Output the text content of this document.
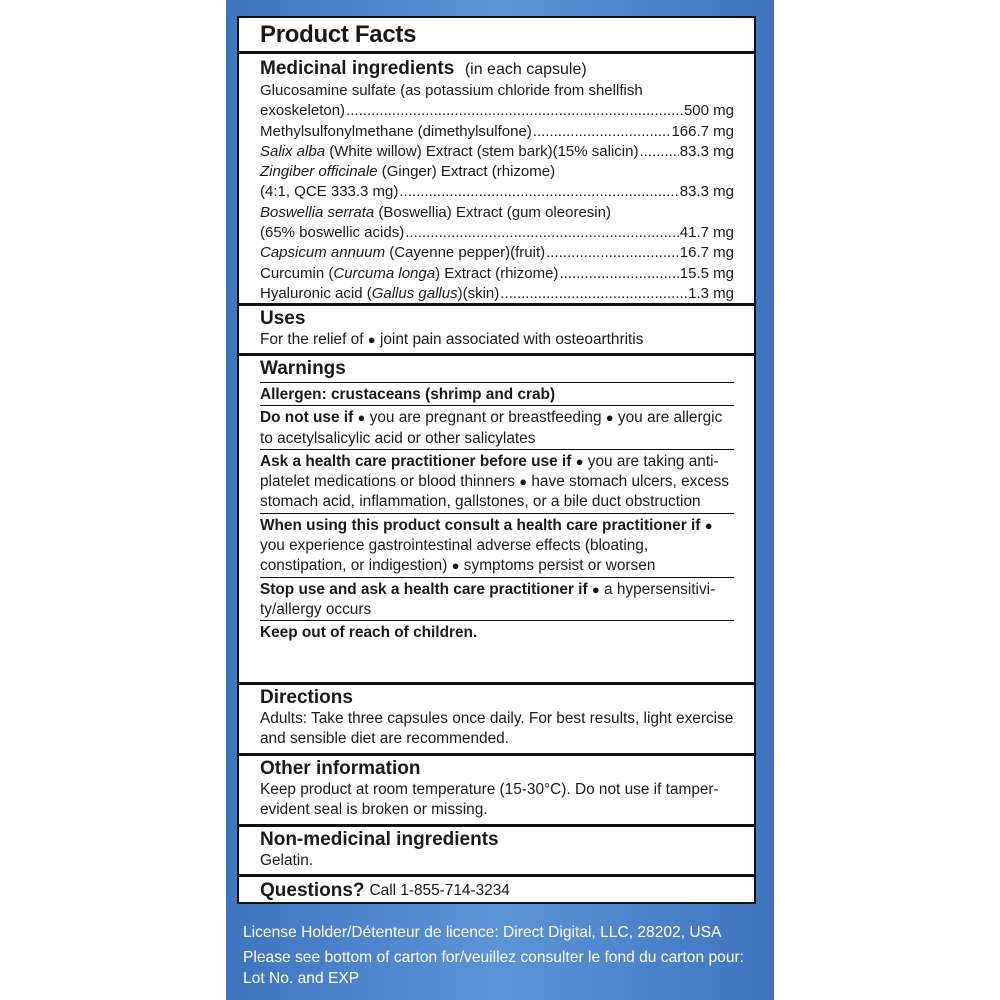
Product Facts
Medicinal ingredients (in each capsule)
Glucosamine sulfate (as potassium chloride from shellfish
exoskeleton) .....	500 mg
Methylsulfonylmethane (dimethylsulfone) .....	166.7 mg
Salix alba (White willow) Extract (stem bark)(15% salicin) .....	83.3 mg
Zingiber officinale (Ginger) Extract (rhizome)
(4:1, QCE 333.3 mg) .....	83.3 mg
Boswellia serrata (Boswellia) Extract (gum oleoresin)
(65% boswellic acids) .....	41.7 mg
Capsicum annuum (Cayenne pepper)(fruit) .....	16.7 mg
Curcumin (Curcuma longa) Extract (rhizome) .....	15.5 mg
Hyaluronic acid (Gallus gallus)(skin) .....	1.3 mg
Uses
For the relief of ● joint pain associated with osteoarthritis
Warnings
Allergen: crustaceans (shrimp and crab)
Do not use if ● you are pregnant or breastfeeding ● you are allergic to acetylsalicylic acid or other salicylates
Ask a health care practitioner before use if ● you are taking anti-platelet medications or blood thinners ● have stomach ulcers, excess stomach acid, inflammation, gallstones, or a bile duct obstruction
When using this product consult a health care practitioner if ● you experience gastrointestinal adverse effects (bloating, constipation, or indigestion) ● symptoms persist or worsen
Stop use and ask a health care practitioner if ● a hypersensitivi-ty/allergy occurs
Keep out of reach of children.
Directions
Adults: Take three capsules once daily. For best results, light exercise and sensible diet are recommended.
Other information
Keep product at room temperature (15-30°C). Do not use if tamper-evident seal is broken or missing.
Non-medicinal ingredients
Gelatin.
Questions? Call 1-855-714-3234
License Holder/Détenteur de licence: Direct Digital, LLC, 28202, USA
Please see bottom of carton for/veuillez consulter le fond du carton pour: Lot No. and EXP	R0
